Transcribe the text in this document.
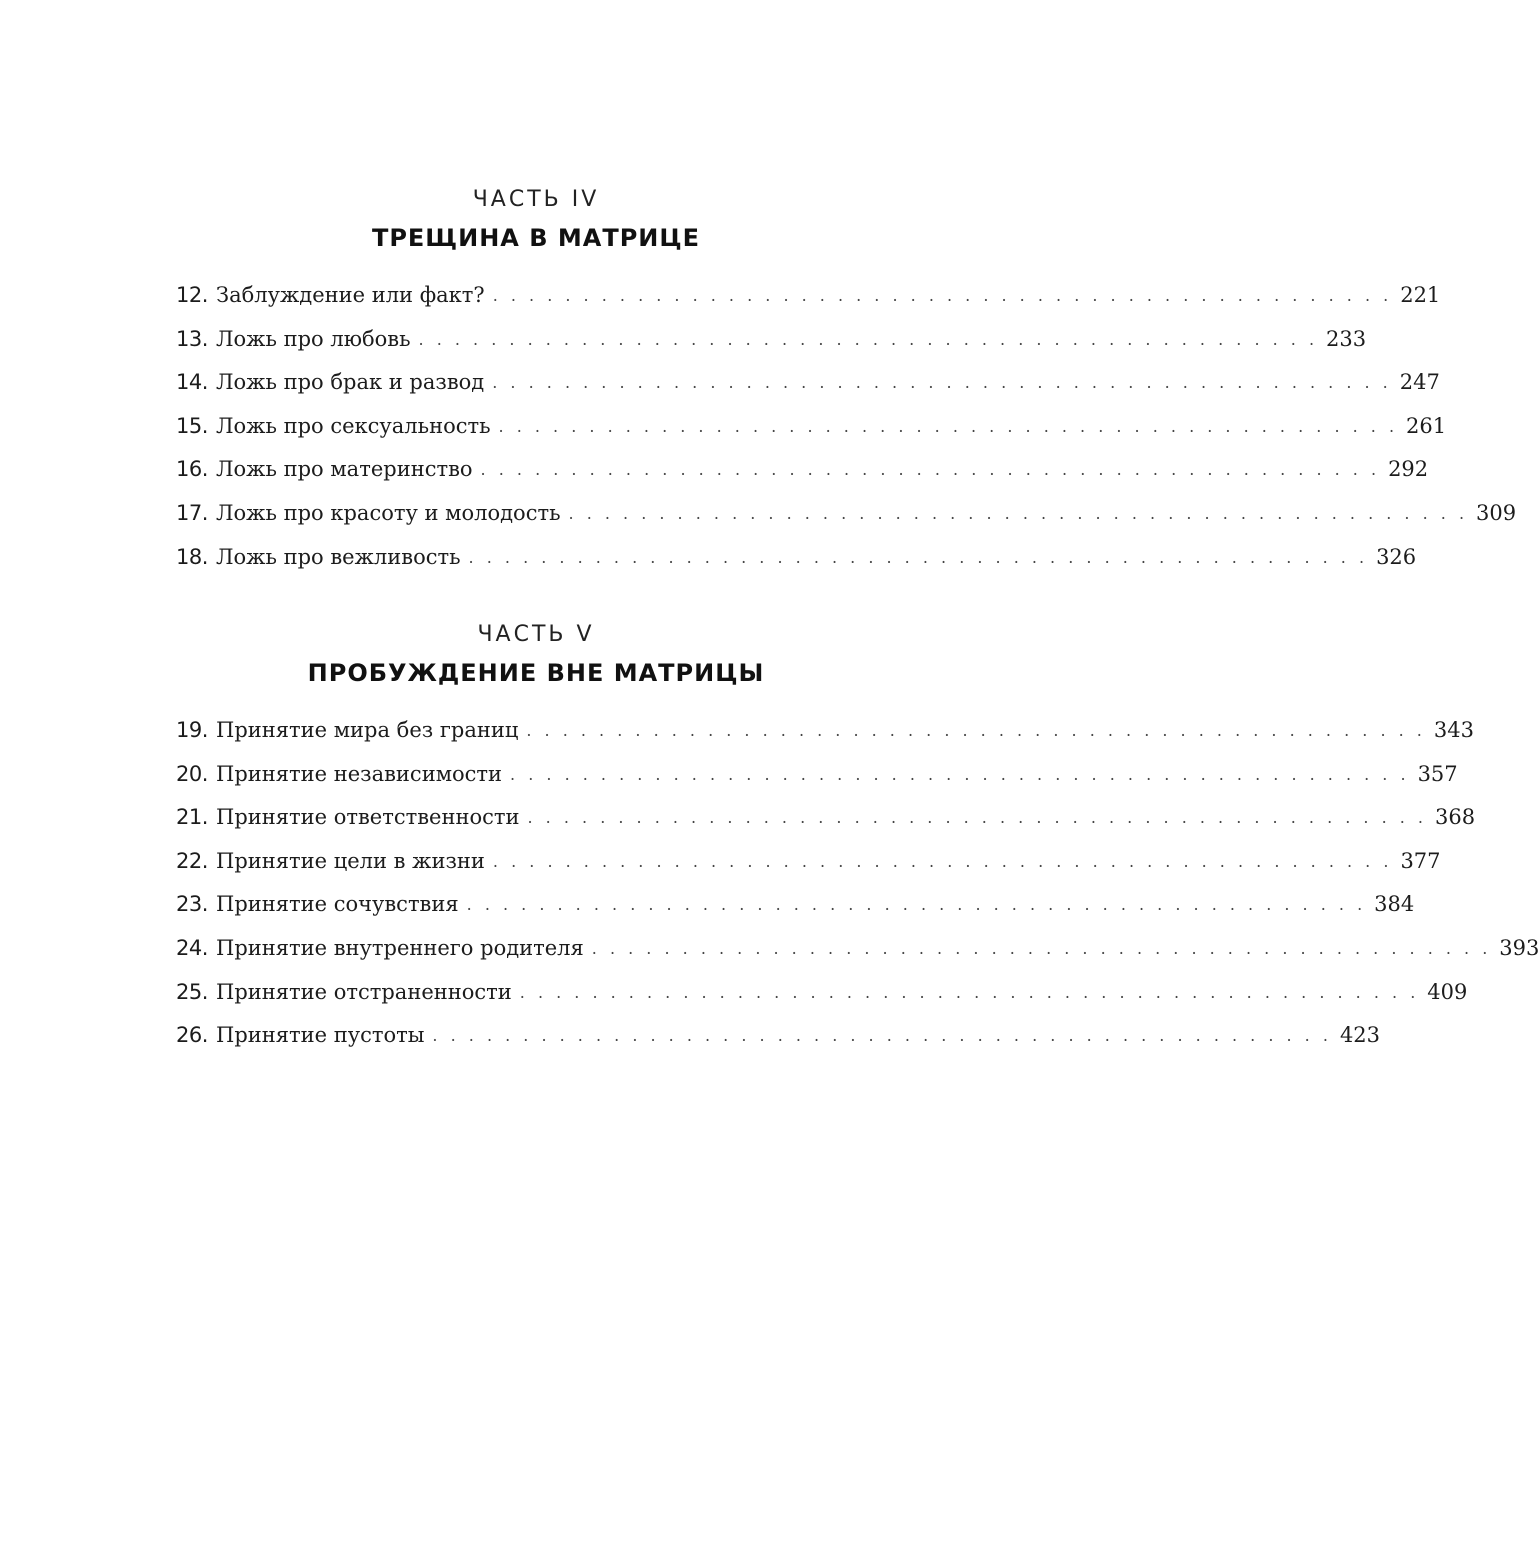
ЧАСТЬ IV
ТРЕЩИНА В МАТРИЦЕ
12. Заблуждение или факт? . . . . . . . . . . . . . . . . . . . . . . . . . . . . . . . . . . . . . . . . . . . . . . . . . . 221
13. Ложь про любовь . . . . . . . . . . . . . . . . . . . . . . . . . . . . . . . . . . . . . . . . . . . . . . . . . . 233
14. Ложь про брак и развод . . . . . . . . . . . . . . . . . . . . . . . . . . . . . . . . . . . . . . . . . . . . . . . . . . 247
15. Ложь про сексуальность . . . . . . . . . . . . . . . . . . . . . . . . . . . . . . . . . . . . . . . . . . . . . . . . . . 261
16. Ложь про материнство . . . . . . . . . . . . . . . . . . . . . . . . . . . . . . . . . . . . . . . . . . . . . . . . . . 292
17. Ложь про красоту и молодость . . . . . . . . . . . . . . . . . . . . . . . . . . . . . . . . . . . . . . . . . . . . . . . . . . 309
18. Ложь про вежливость . . . . . . . . . . . . . . . . . . . . . . . . . . . . . . . . . . . . . . . . . . . . . . . . . . 326
ЧАСТЬ V
ПРОБУЖДЕНИЕ ВНЕ МАТРИЦЫ
19. Принятие мира без границ . . . . . . . . . . . . . . . . . . . . . . . . . . . . . . . . . . . . . . . . . . . . . . . . . . 343
20. Принятие независимости . . . . . . . . . . . . . . . . . . . . . . . . . . . . . . . . . . . . . . . . . . . . . . . . . . 357
21. Принятие ответственности . . . . . . . . . . . . . . . . . . . . . . . . . . . . . . . . . . . . . . . . . . . . . . . . . . 368
22. Принятие цели в жизни . . . . . . . . . . . . . . . . . . . . . . . . . . . . . . . . . . . . . . . . . . . . . . . . . . 377
23. Принятие сочувствия . . . . . . . . . . . . . . . . . . . . . . . . . . . . . . . . . . . . . . . . . . . . . . . . . . 384
24. Принятие внутреннего родителя . . . . . . . . . . . . . . . . . . . . . . . . . . . . . . . . . . . . . . . . . . . . . . . . . . 393
25. Принятие отстраненности . . . . . . . . . . . . . . . . . . . . . . . . . . . . . . . . . . . . . . . . . . . . . . . . . . 409
26. Принятие пустоты . . . . . . . . . . . . . . . . . . . . . . . . . . . . . . . . . . . . . . . . . . . . . . . . . . 423
